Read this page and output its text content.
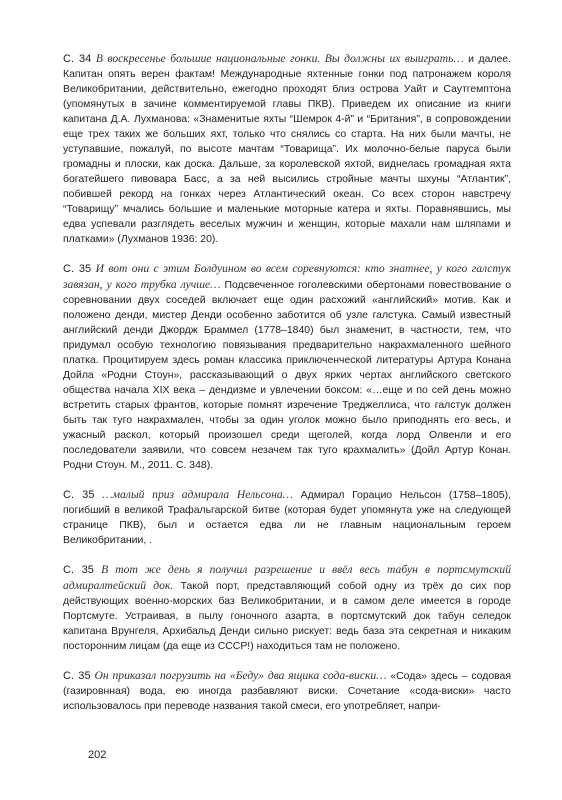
С. 34 В воскресенье большие национальные гонки. Вы должны их выиграть… и далее. Капитан опять верен фактам! Международные яхтенные гонки под патронажем короля Великобритании, действительно, ежегодно проходят близ острова Уайт и Саутгемптона (упомянутых в зачине комментируемой главы ПКВ). Приведем их описание из книги капитана Д.А. Лухманова: «Знаменитые яхты “Шемрок 4-й” и “Британия”, в сопровождении еще трех таких же больших яхт, только что снялись со старта. На них были мачты, не уступавшие, пожалуй, по высоте мачтам “Товарища”. Их молочно-белые паруса были громадны и плоски, как доска. Дальше, за королевской яхтой, виднелась громадная яхта богатейшего пивовара Басс, а за ней высились стройные мачты шхуны “Атлантик”, побившей рекорд на гонках через Атлантический океан. Со всех сторон навстречу “Товарищу” мчались большие и маленькие моторные катера и яхты. Поравнявшись, мы едва успевали разглядеть веселых мужчин и женщин, которые махали нам шляпами и платками» (Лухманов 1936: 20).

С. 35 И вот они с этим Болдуином во всем соревнуются: кто знатнее, у кого галстук завязан, у кого трубка лучше… Подсвеченное гоголевскими обертонами повествование о соревновании двух соседей включает еще один расхожий «английский» мотив. Как и положено денди, мистер Денди особенно заботится об узле галстука. Самый известный английский денди Джордж Браммел (1778–1840) был знаменит, в частности, тем, что придумал особую технологию повязывания предварительно накрахмаленного шейного платка. Процитируем здесь роман классика приключенческой литературы Артура Конана Дойла «Родни Стоун», рассказывающий о двух ярких чертах английского светского общества начала XIX века – дендизме и увлечении боксом: «…еще и по сей день можно встретить старых франтов, которые помнят изречение Треджеллиса, что галстук должен быть так туго накрахмален, чтобы за один уголок можно было приподнять его весь, и ужасный раскол, который произошел среди щеголей, когда лорд Олвенли и его последователи заявили, что совсем незачем так туго крахмалить» (Дойл Артур Конан. Родни Стоун. М., 2011. С. 348).

С. 35 …малый приз адмирала Нельсона… Адмирал Горацио Нельсон (1758–1805), погибший в великой Трафальгарской битве (которая будет упомянута уже на следующей странице ПКВ), был и остается едва ли не главным национальным героем Великобритании, .

С. 35 В тот же день я получил разрешение и ввёл весь табун в портсмутский адмиралтейский док. Такой порт, представляющий собой одну из трёх до сих пор действующих военно-морских баз Великобритании, и в самом деле имеется в городе Портсмуте. Устраивая, в пылу гоночного азарта, в портсмутский док табун селедок капитана Врунгеля, Архибальд Денди сильно рискует: ведь база эта секретная и никаким посторонним лицам (да еще из СССР!) находиться там не положено.

С. 35 Он приказал погрузить на «Беду» два ящика сода-виски… «Сода» здесь – содовая (газировнная) вода, ею иногда разбавляют виски. Сочетание «сода-виски» часто использовалось при переводе названия такой смеси, его употребляет, напри-

202
